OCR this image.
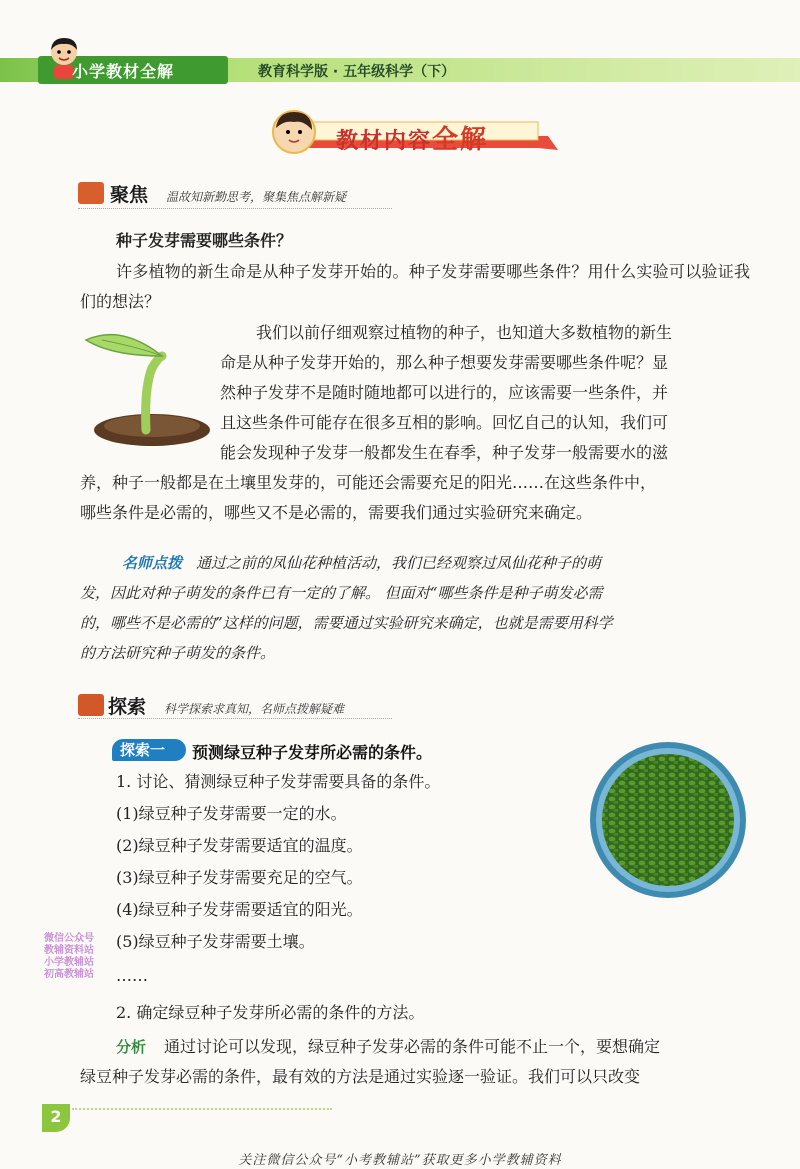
小学教材全解	教育科学版 · 五年级科学（下）
教材内容全解
聚焦 温故知新勤思考，聚集焦点解新疑
种子发芽需要哪些条件？
许多植物的新生命是从种子发芽开始的。种子发芽需要哪些条件？用什么实验可以验证我们的想法？
我们以前仔细观察过植物的种子，也知道大多数植物的新生
命是从种子发芽开始的，那么种子想要发芽需要哪些条件呢？显
然种子发芽不是随时随地都可以进行的，应该需要一些条件，并
且这些条件可能存在很多互相的影响。回忆自己的认知，我们可
能会发现种子发芽一般都发生在春季，种子发芽一般需要水的滋
养，种子一般都是在土壤里发芽的，可能还会需要充足的阳光……在这些条件中，
哪些条件是必需的，哪些又不是必需的，需要我们通过实验研究来确定。
名师点拨 通过之前的凤仙花种植活动，我们已经观察过凤仙花种子的萌
发，因此对种子萌发的条件已有一定的了解。 但面对“哪些条件是种子萌发必需
的，哪些不是必需的”这样的问题，需要通过实验研究来确定，也就是需要用科学
的方法研究种子萌发的条件。
探索 科学探索求真知，名师点拨解疑难
探索一	预测绿豆种子发芽所必需的条件。
1. 讨论、猜测绿豆种子发芽需要具备的条件。
(1)绿豆种子发芽需要一定的水。
(2)绿豆种子发芽需要适宜的温度。
(3)绿豆种子发芽需要充足的空气。
(4)绿豆种子发芽需要适宜的阳光。
(5)绿豆种子发芽需要土壤。
……
2. 确定绿豆种子发芽所必需的条件的方法。
分析 通过讨论可以发现，绿豆种子发芽必需的条件可能不止一个，要想确定
绿豆种子发芽必需的条件，最有效的方法是通过实验逐一验证。我们可以只改变
微信公众号
教辅资料站
小学教辅站
初高教辅站
2
关注微信公众号“小考教辅站”获取更多小学教辅资料
